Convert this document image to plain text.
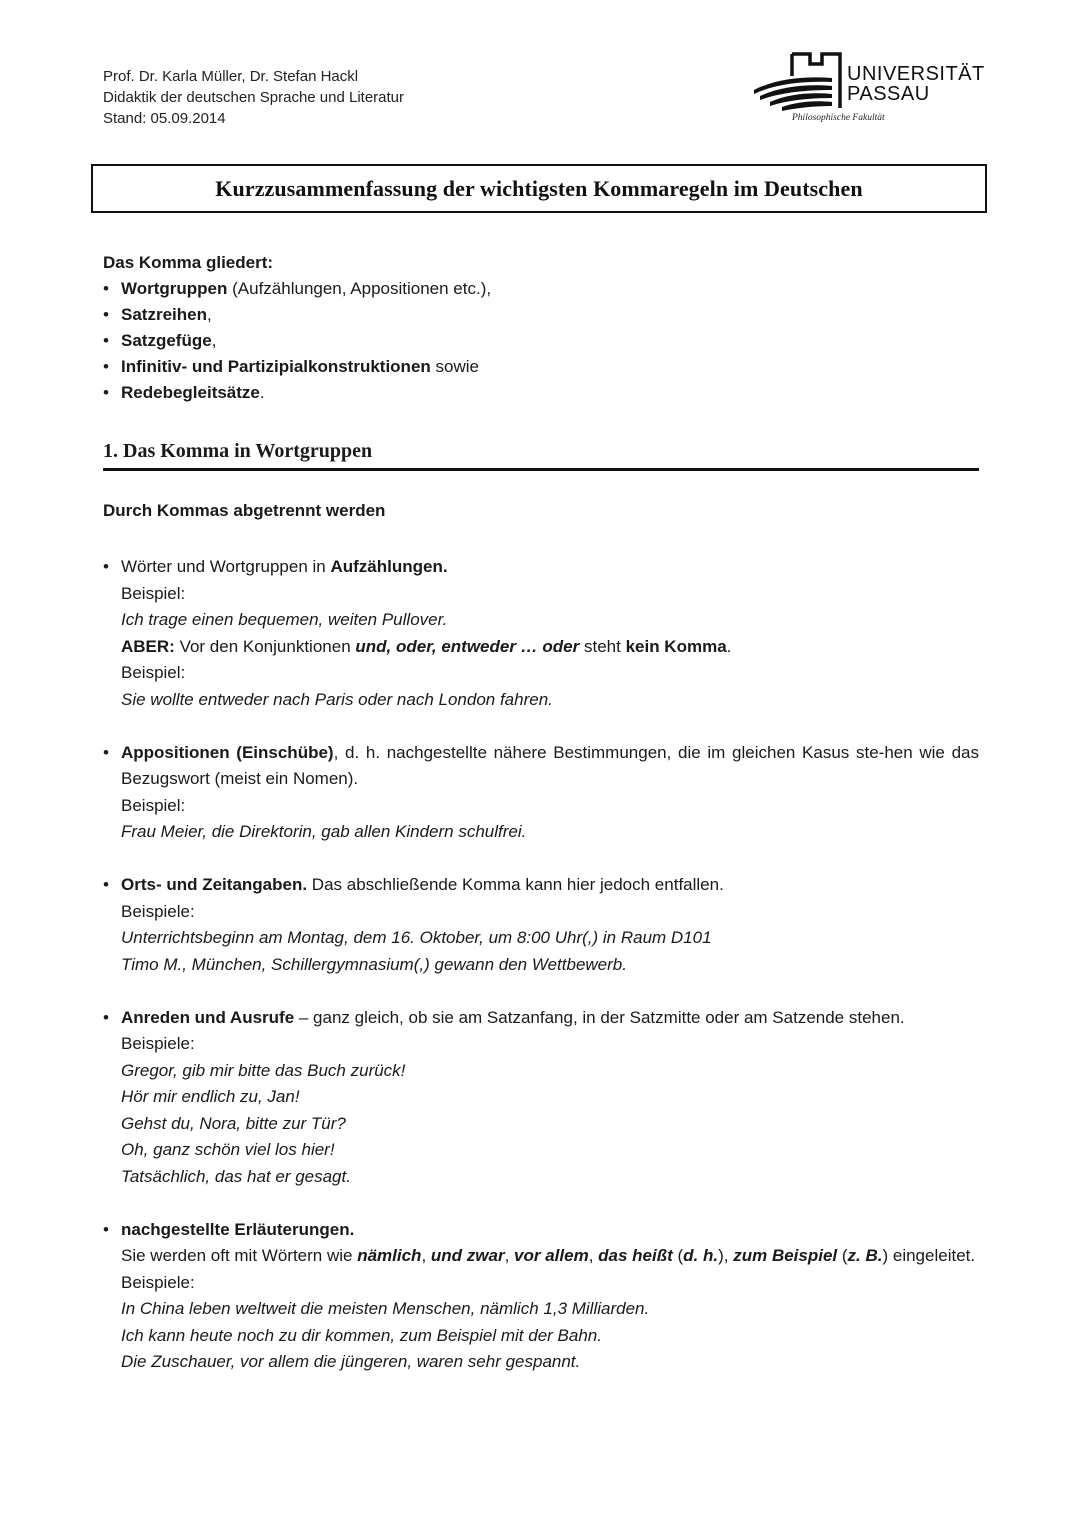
Prof. Dr. Karla Müller, Dr. Stefan Hackl
Didaktik der deutschen Sprache und Literatur
Stand: 05.09.2014
UNIVERSITÄT
PASSAU
Philosophische Fakultät
Kurzzusammenfassung der wichtigsten Kommaregeln im Deutschen
Das Komma gliedert:
• Wortgruppen (Aufzählungen, Appositionen etc.),
• Satzreihen,
• Satzgefüge,
• Infinitiv- und Partizipialkonstruktionen sowie
• Redebegleitsätze.
1. Das Komma in Wortgruppen
Durch Kommas abgetrennt werden

• Wörter und Wortgruppen in Aufzählungen.

Beispiel:

Ich trage einen bequemen, weiten Pullover.

ABER: Vor den Konjunktionen und, oder, entweder … oder steht kein Komma.

Beispiel:

Sie wollte entweder nach Paris oder nach London fahren.

• Appositionen (Einschübe), d. h. nachgestellte nähere Bestimmungen, die im gleichen Kasus ste-hen wie das Bezugswort (meist ein Nomen).

Beispiel:

Frau Meier, die Direktorin, gab allen Kindern schulfrei.

• Orts- und Zeitangaben. Das abschließende Komma kann hier jedoch entfallen.

Beispiele:

Unterrichtsbeginn am Montag, dem 16. Oktober, um 8:00 Uhr(,) in Raum D101

Timo M., München, Schillergymnasium(,) gewann den Wettbewerb.

• Anreden und Ausrufe – ganz gleich, ob sie am Satzanfang, in der Satzmitte oder am Satzende stehen.

Beispiele:

Gregor, gib mir bitte das Buch zurück!

Hör mir endlich zu, Jan!

Gehst du, Nora, bitte zur Tür?

Oh, ganz schön viel los hier!

Tatsächlich, das hat er gesagt.

• nachgestellte Erläuterungen.

Sie werden oft mit Wörtern wie nämlich, und zwar, vor allem, das heißt (d. h.), zum Beispiel (z. B.) eingeleitet.

Beispiele:

In China leben weltweit die meisten Menschen, nämlich 1,3 Milliarden.

Ich kann heute noch zu dir kommen, zum Beispiel mit der Bahn.

Die Zuschauer, vor allem die jüngeren, waren sehr gespannt.
